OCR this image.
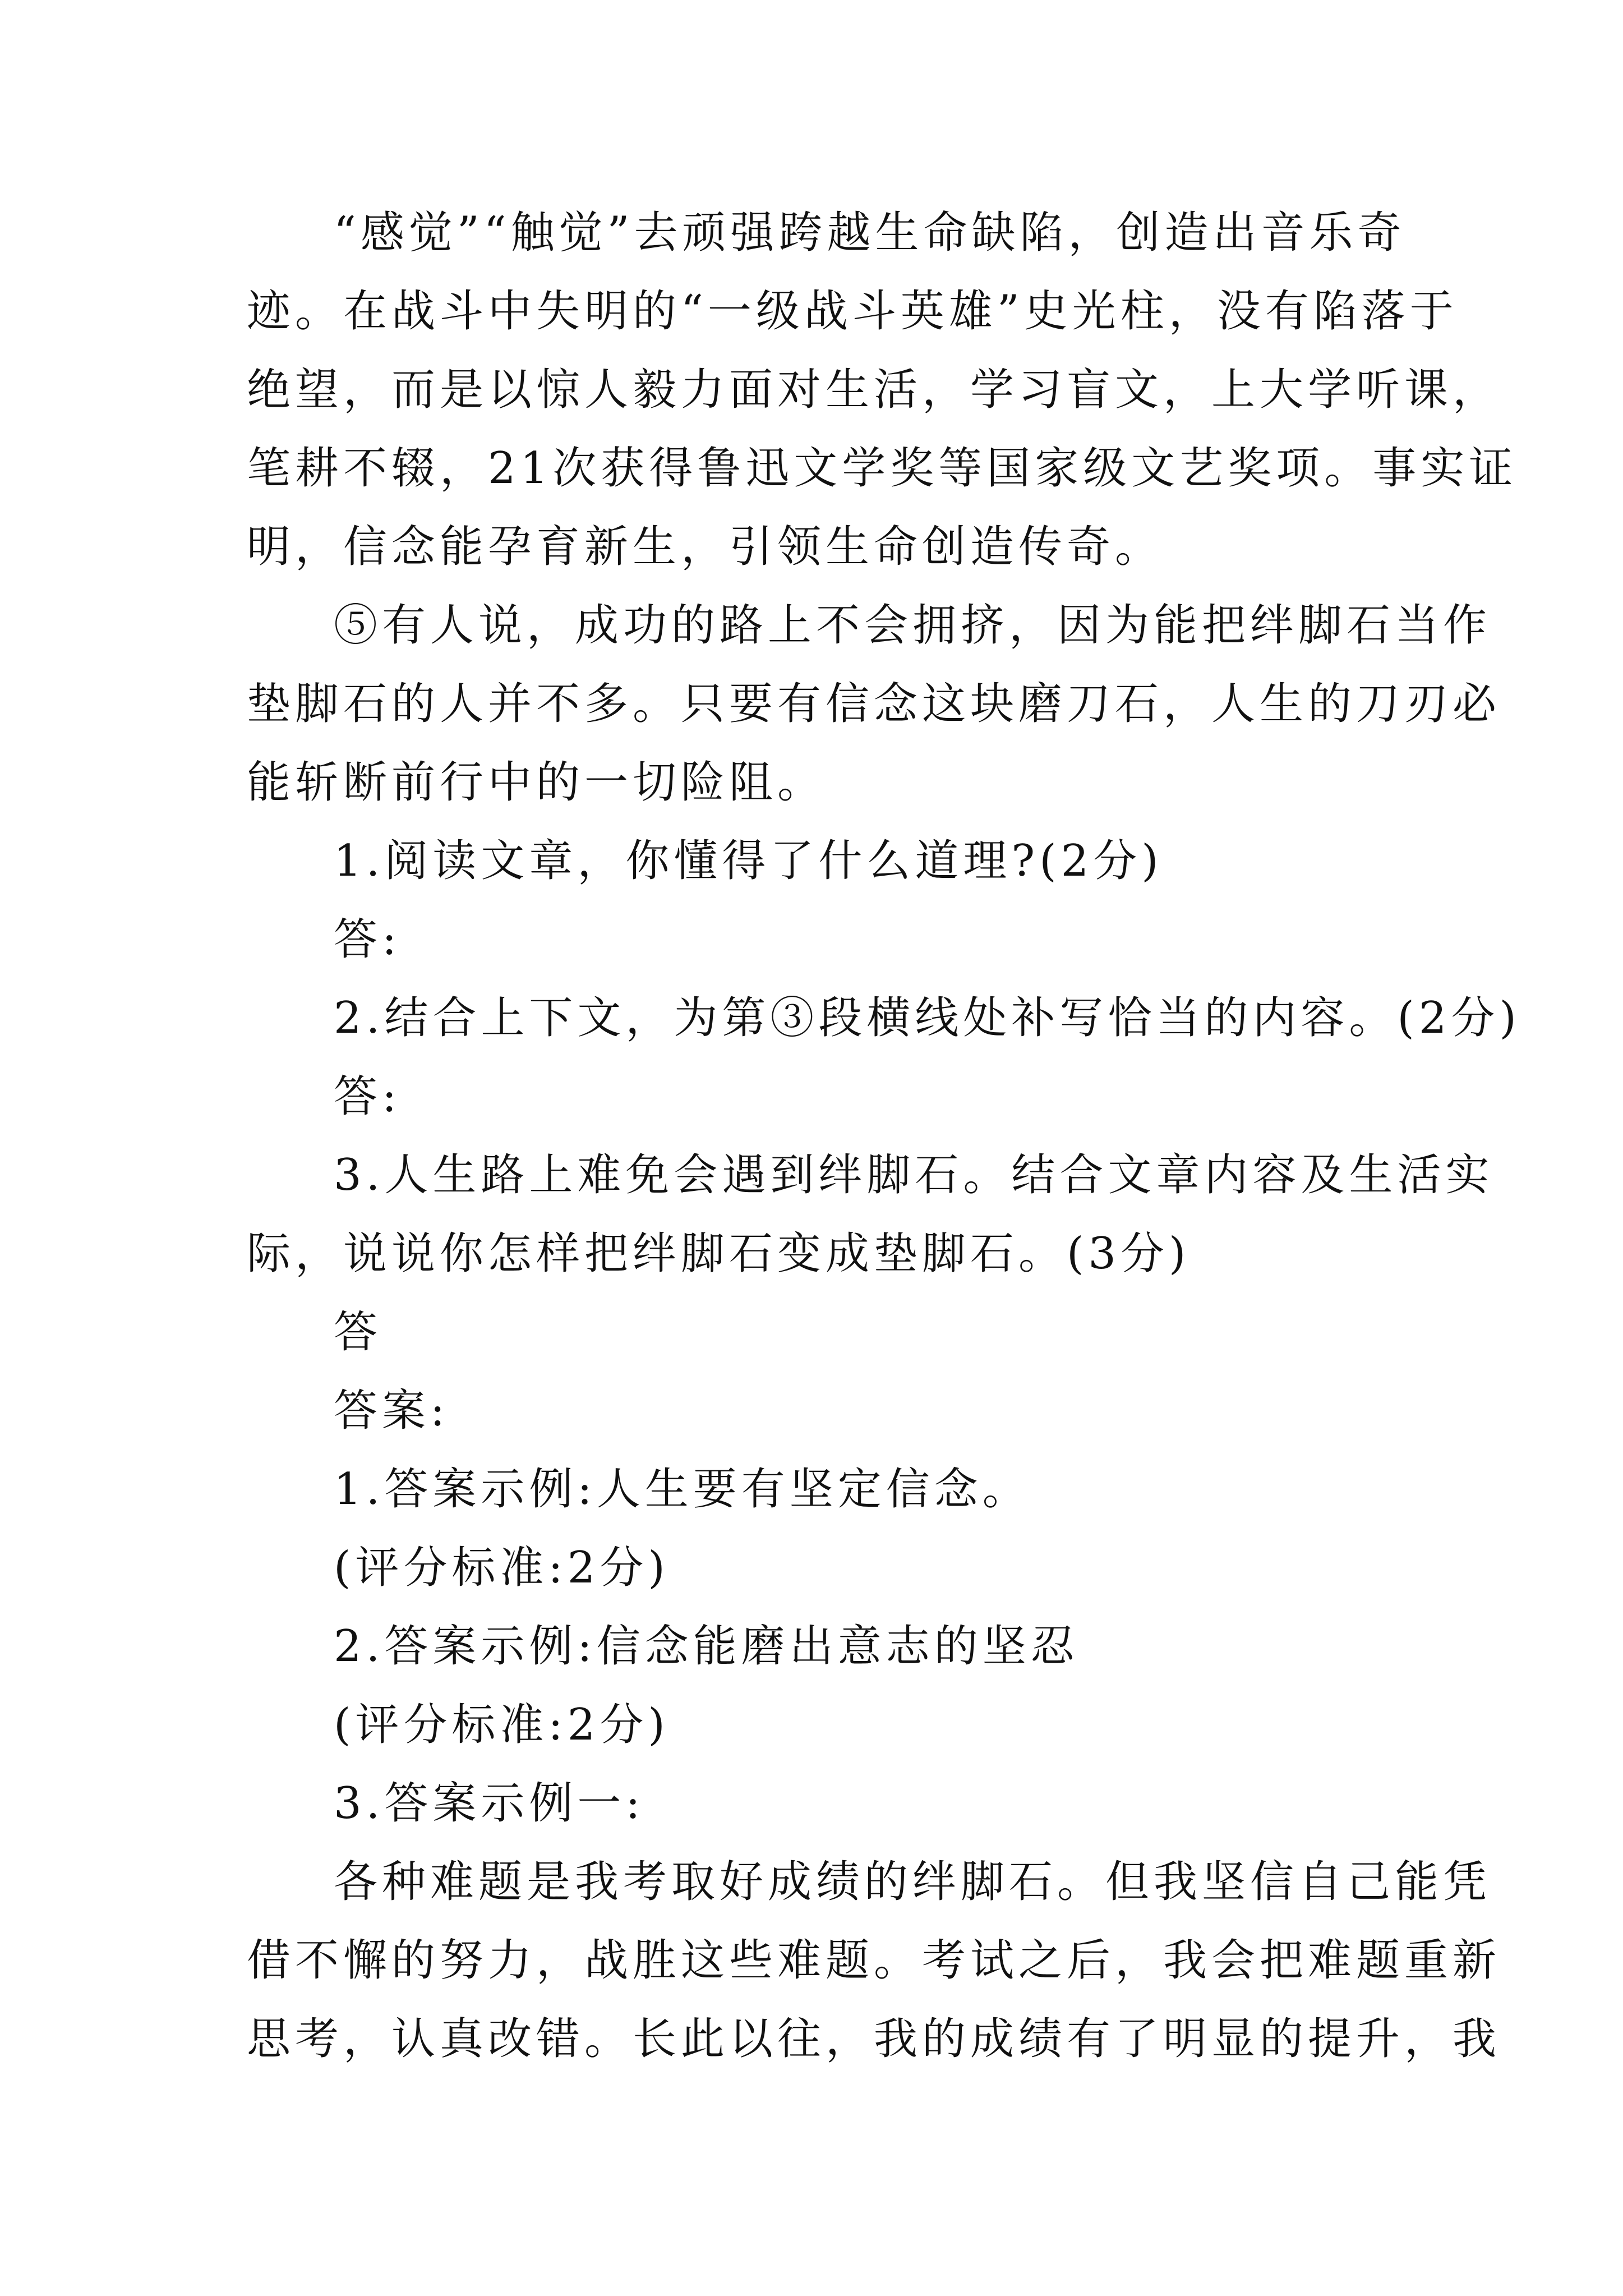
“感觉”“触觉”去顽强跨越生命缺陷，创造出音乐奇
迹。在战斗中失明的“一级战斗英雄”史光柱，没有陷落于
绝望，而是以惊人毅力面对生活，学习盲文，上大学听课，
笔耕不辍，21次获得鲁迅文学奖等国家级文艺奖项。事实证
明，信念能孕育新生，引领生命创造传奇。
⑤有人说，成功的路上不会拥挤，因为能把绊脚石当作
垫脚石的人并不多。只要有信念这块磨刀石，人生的刀刃必
能斩断前行中的一切险阻。
1.阅读文章，你懂得了什么道理?(2分)
答:
2.结合上下文，为第③段横线处补写恰当的内容。(2分)
答:
3.人生路上难免会遇到绊脚石。结合文章内容及生活实
际，说说你怎样把绊脚石变成垫脚石。(3分)
答
答案:
1.答案示例:人生要有坚定信念。
(评分标准:2分)
2.答案示例:信念能磨出意志的坚忍
(评分标准:2分)
3.答案示例一:
各种难题是我考取好成绩的绊脚石。但我坚信自己能凭
借不懈的努力，战胜这些难题。考试之后，我会把难题重新
思考，认真改错。长此以往，我的成绩有了明显的提升，我
